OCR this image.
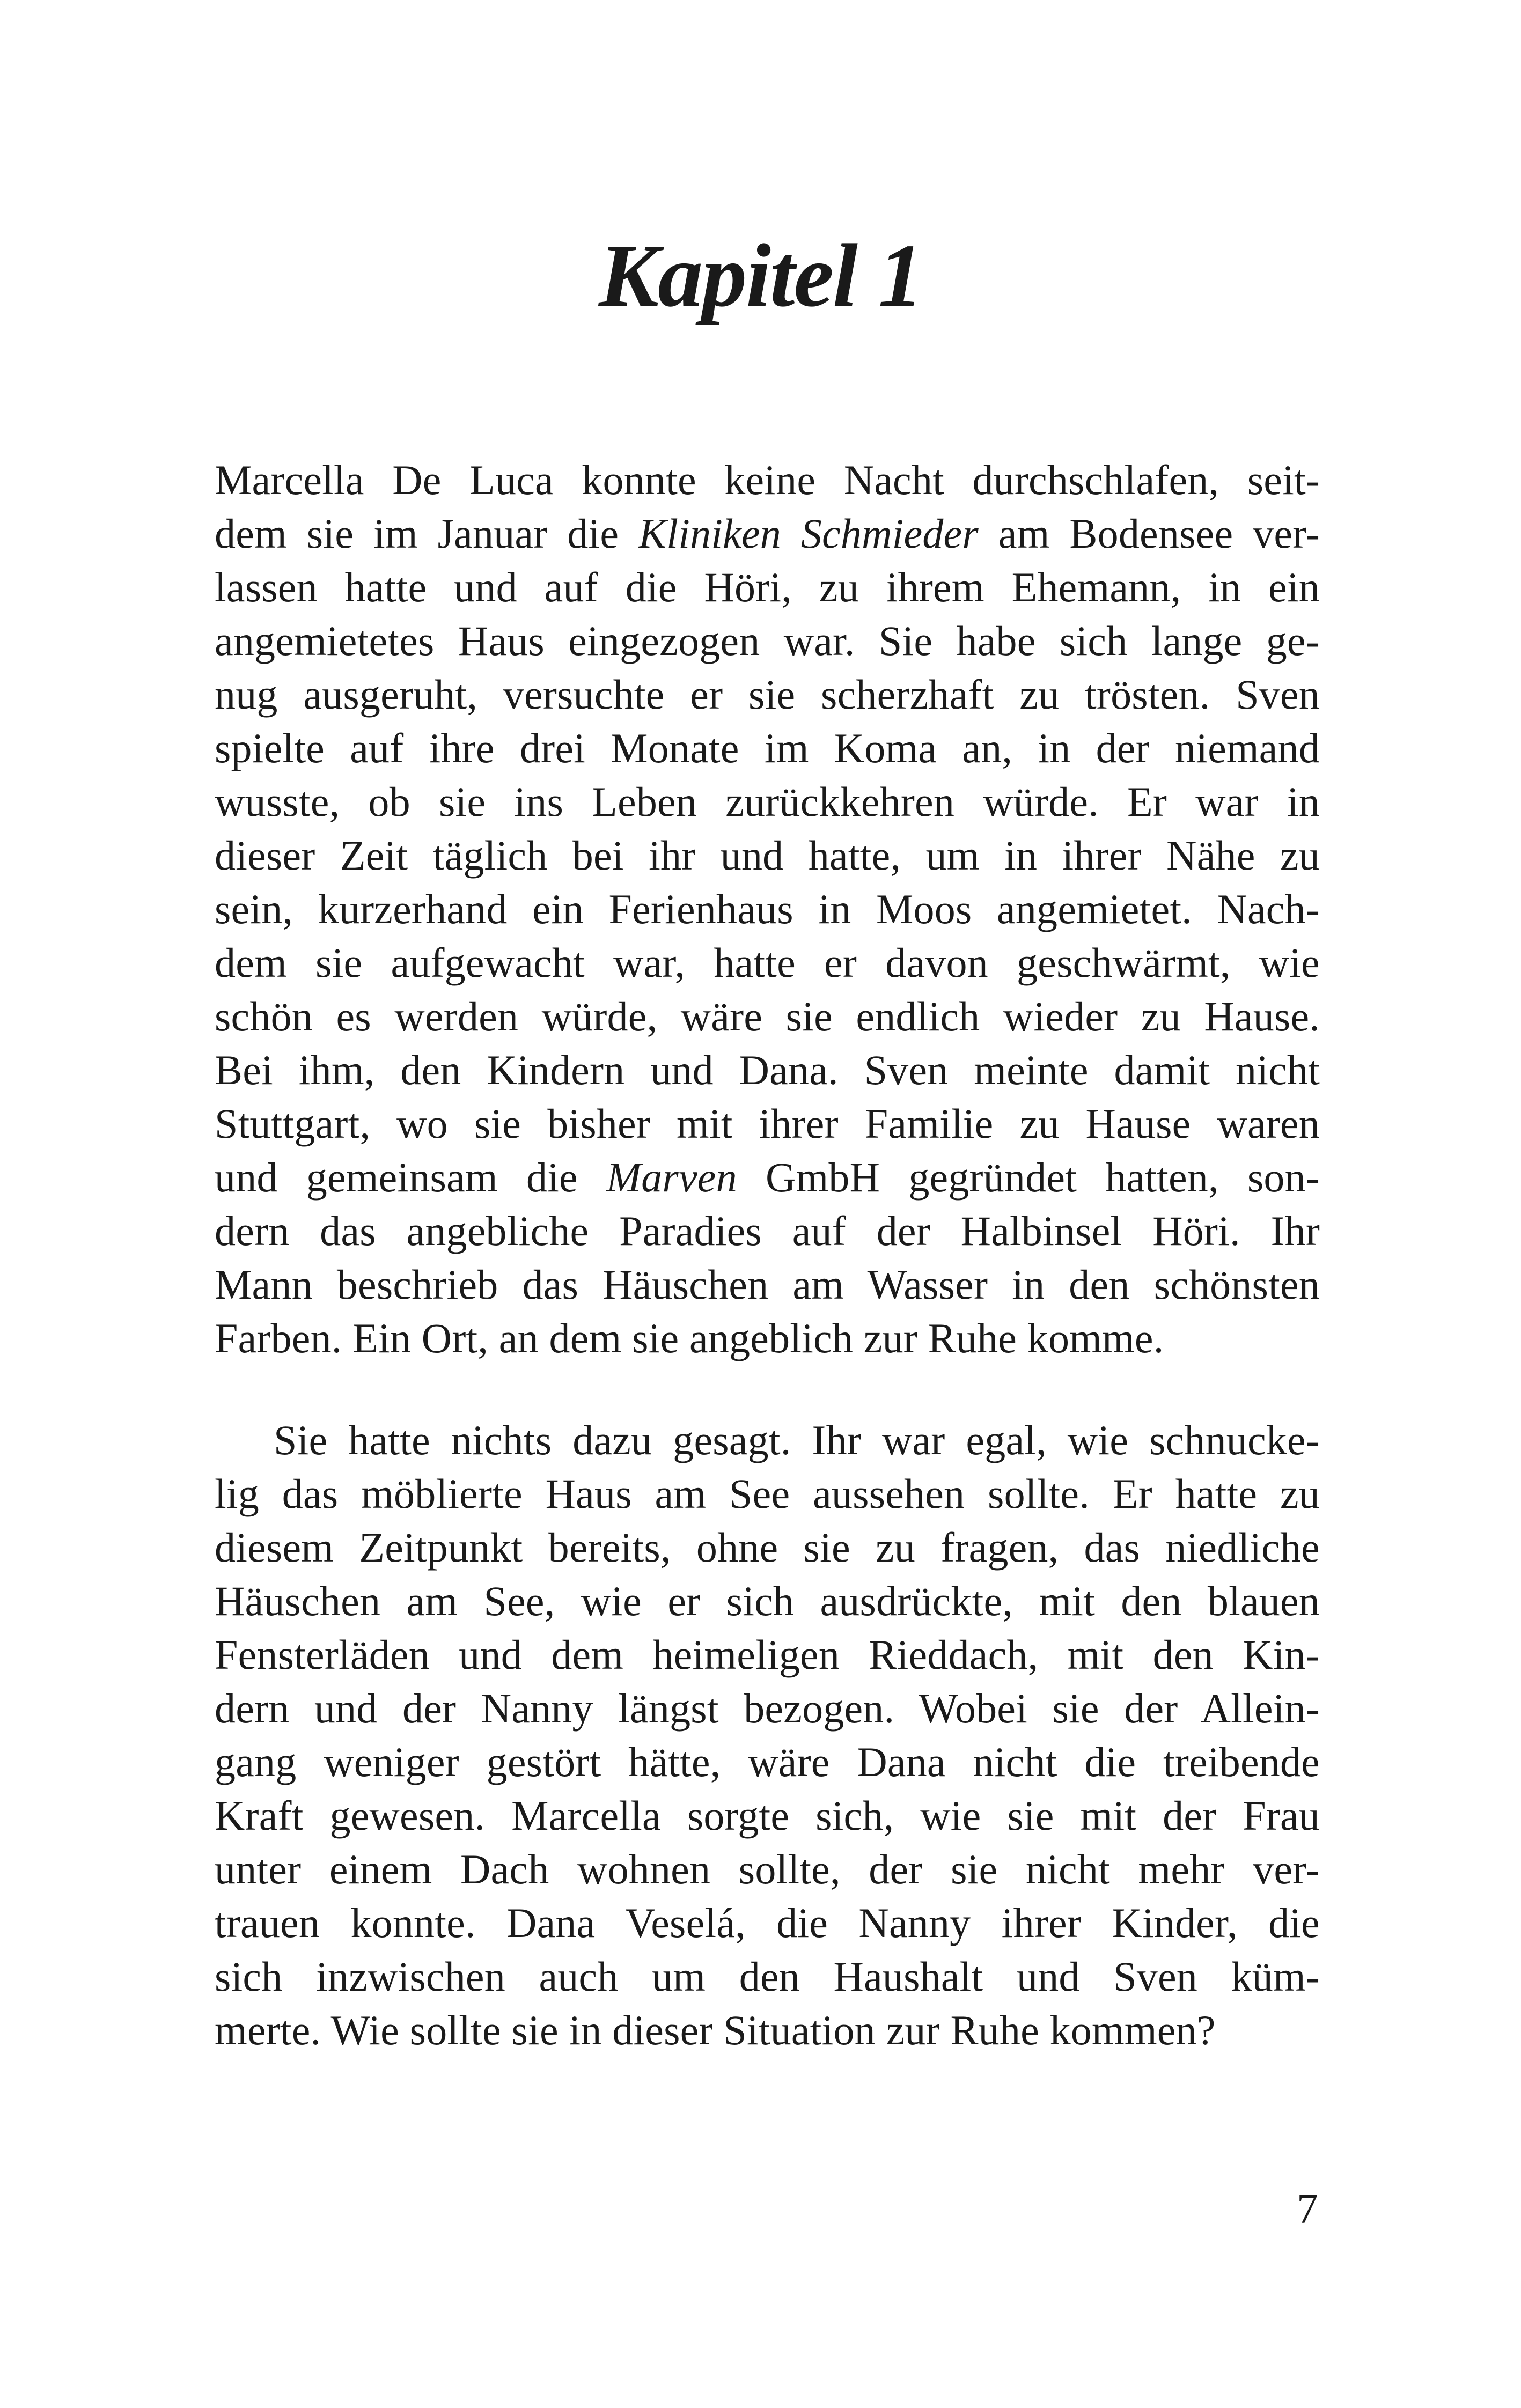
Kapitel 1
Marcella De Luca konnte keine Nacht durchschlafen, seit-
dem sie im Januar die Kliniken Schmieder am Bodensee ver-
lassen hatte und auf die Höri, zu ihrem Ehemann, in ein
angemietetes Haus eingezogen war. Sie habe sich lange ge-
nug ausgeruht, versuchte er sie scherzhaft zu trösten. Sven
spielte auf ihre drei Monate im Koma an, in der niemand
wusste, ob sie ins Leben zurückkehren würde. Er war in
dieser Zeit täglich bei ihr und hatte, um in ihrer Nähe zu
sein, kurzerhand ein Ferienhaus in Moos angemietet. Nach-
dem sie aufgewacht war, hatte er davon geschwärmt, wie
schön es werden würde, wäre sie endlich wieder zu Hause.
Bei ihm, den Kindern und Dana. Sven meinte damit nicht
Stuttgart, wo sie bisher mit ihrer Familie zu Hause waren
und gemeinsam die Marven GmbH gegründet hatten, son-
dern das angebliche Paradies auf der Halbinsel Höri. Ihr
Mann beschrieb das Häuschen am Wasser in den schönsten
Farben. Ein Ort, an dem sie angeblich zur Ruhe komme.
Sie hatte nichts dazu gesagt. Ihr war egal, wie schnucke-
lig das möblierte Haus am See aussehen sollte. Er hatte zu
diesem Zeitpunkt bereits, ohne sie zu fragen, das niedliche
Häuschen am See, wie er sich ausdrückte, mit den blauen
Fensterläden und dem heimeligen Rieddach, mit den Kin-
dern und der Nanny längst bezogen. Wobei sie der Allein-
gang weniger gestört hätte, wäre Dana nicht die treibende
Kraft gewesen. Marcella sorgte sich, wie sie mit der Frau
unter einem Dach wohnen sollte, der sie nicht mehr ver-
trauen konnte. Dana Veselá, die Nanny ihrer Kinder, die
sich inzwischen auch um den Haushalt und Sven küm-
merte. Wie sollte sie in dieser Situation zur Ruhe kommen?
7
